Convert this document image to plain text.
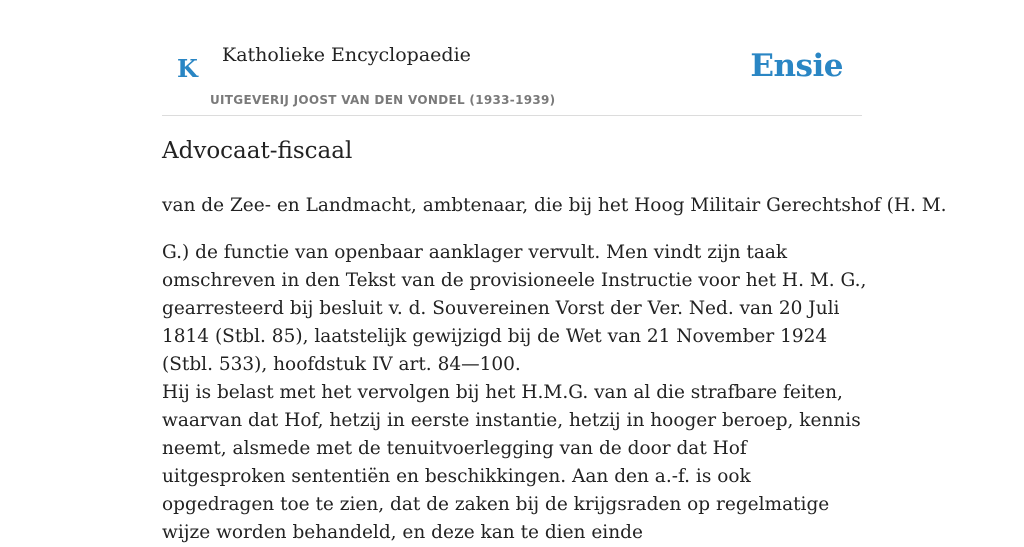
K Katholieke Encyclopaedie
UITGEVERIJ JOOST VAN DEN VONDEL (1933-1939)
Ensie
Advocaat-fiscaal

van de Zee- en Landmacht, ambtenaar, die bij het Hoog Militair Gerechtshof (H. M.

G.) de functie van openbaar aanklager vervult. Men vindt zijn taak omschreven in den Tekst van de provisioneele Instructie voor het H. M. G., gearresteerd bij besluit v. d. Souvereinen Vorst der Ver. Ned. van 20 Juli 1814 (Stbl. 85), laatstelijk gewijzigd bij de Wet van 21 November 1924 (Stbl. 533), hoofdstuk IV art. 84—100.

Hij is belast met het vervolgen bij het H.M.G. van al die strafbare feiten, waarvan dat Hof, hetzij in eerste instantie, hetzij in hooger beroep, kennis neemt, alsmede met de tenuitvoerlegging van de door dat Hof uitgesproken sententiën en beschikkingen. Aan den a.-f. is ook opgedragen toe te zien, dat de zaken bij de krijgsraden op regelmatige wijze worden behandeld, en deze kan te dien einde
